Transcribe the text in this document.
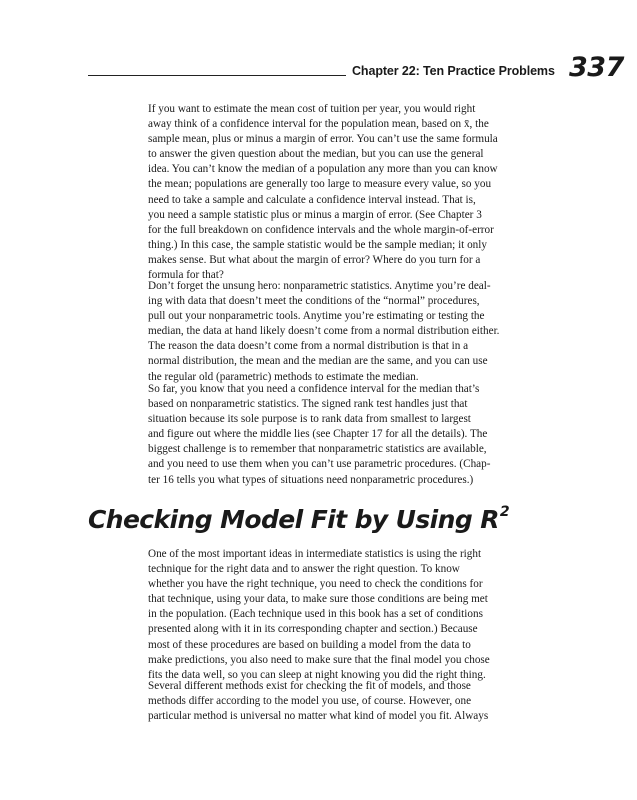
Chapter 22: Ten Practice Problems 337

If you want to estimate the mean cost of tuition per year, you would right
away think of a confidence interval for the population mean, based on x̄, the
sample mean, plus or minus a margin of error. You can’t use the same formula
to answer the given question about the median, but you can use the general
idea. You can’t know the median of a population any more than you can know
the mean; populations are generally too large to measure every value, so you
need to take a sample and calculate a confidence interval instead. That is,
you need a sample statistic plus or minus a margin of error. (See Chapter 3
for the full breakdown on confidence intervals and the whole margin-of-error
thing.) In this case, the sample statistic would be the sample median; it only
makes sense. But what about the margin of error? Where do you turn for a
formula for that?

Don’t forget the unsung hero: nonparametric statistics. Anytime you’re deal-
ing with data that doesn’t meet the conditions of the “normal” procedures,
pull out your nonparametric tools. Anytime you’re estimating or testing the
median, the data at hand likely doesn’t come from a normal distribution either.
The reason the data doesn’t come from a normal distribution is that in a
normal distribution, the mean and the median are the same, and you can use
the regular old (parametric) methods to estimate the median.

So far, you know that you need a confidence interval for the median that’s
based on nonparametric statistics. The signed rank test handles just that
situation because its sole purpose is to rank data from smallest to largest
and figure out where the middle lies (see Chapter 17 for all the details). The
biggest challenge is to remember that nonparametric statistics are available,
and you need to use them when you can’t use parametric procedures. (Chap-
ter 16 tells you what types of situations need nonparametric procedures.)

Checking Model Fit by Using $R^2$

One of the most important ideas in intermediate statistics is using the right
technique for the right data and to answer the right question. To know
whether you have the right technique, you need to check the conditions for
that technique, using your data, to make sure those conditions are being met
in the population. (Each technique used in this book has a set of conditions
presented along with it in its corresponding chapter and section.) Because
most of these procedures are based on building a model from the data to
make predictions, you also need to make sure that the final model you chose
fits the data well, so you can sleep at night knowing you did the right thing.

Several different methods exist for checking the fit of models, and those
methods differ according to the model you use, of course. However, one
particular method is universal no matter what kind of model you fit. Always
